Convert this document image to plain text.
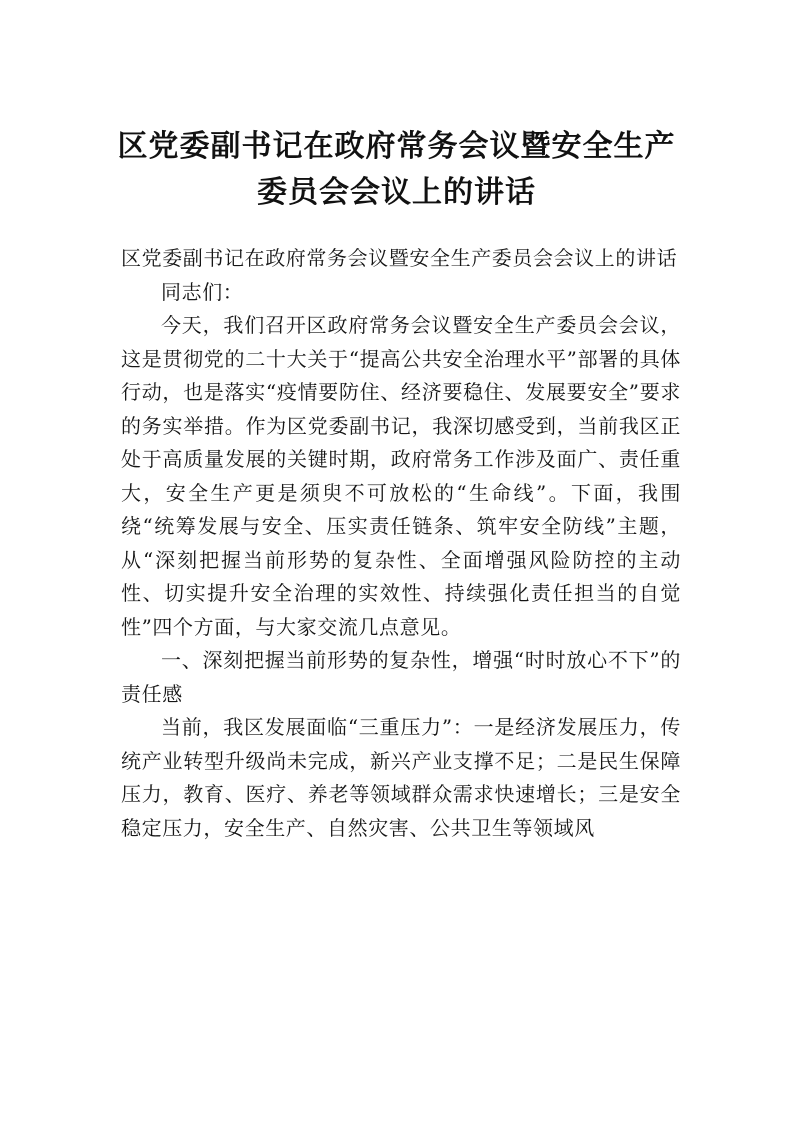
区党委副书记在政府常务会议暨安全生产
委员会会议上的讲话

区党委副书记在政府常务会议暨安全生产委员会会议上的讲话

同志们：

今天，我们召开区政府常务会议暨安全生产委员会会议，这是贯彻党的二十大关于“提高公共安全治理水平”部署的具体行动，也是落实“疫情要防住、经济要稳住、发展要安全”要求的务实举措。作为区党委副书记，我深切感受到，当前我区正处于高质量发展的关键时期，政府常务工作涉及面广、责任重大，安全生产更是须臾不可放松的“生命线”。下面，我围绕“统筹发展与安全、压实责任链条、筑牢安全防线”主题，从“深刻把握当前形势的复杂性、全面增强风险防控的主动性、切实提升安全治理的实效性、持续强化责任担当的自觉性”四个方面，与大家交流几点意见。

一、深刻把握当前形势的复杂性，增强“时时放心不下”的责任感

当前，我区发展面临“三重压力”：一是经济发展压力，传统产业转型升级尚未完成，新兴产业支撑不足；二是民生保障压力，教育、医疗、养老等领域群众需求快速增长；三是安全稳定压力，安全生产、自然灾害、公共卫生等领域风
